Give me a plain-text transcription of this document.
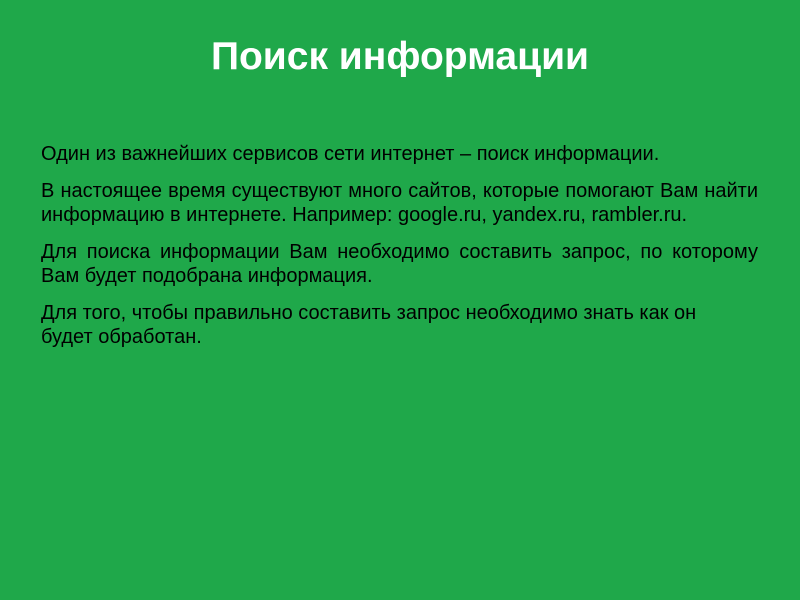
Поиск информации

Один из важнейших сервисов сети интернет – поиск информации.

В настоящее время существуют много сайтов, которые помогают Вам найти информацию в интернете. Например: google.ru, yandex.ru, rambler.ru.

Для поиска информации Вам необходимо составить запрос, по которому Вам будет подобрана информация.

Для того, чтобы правильно составить запрос необходимо знать как он будет обработан.
